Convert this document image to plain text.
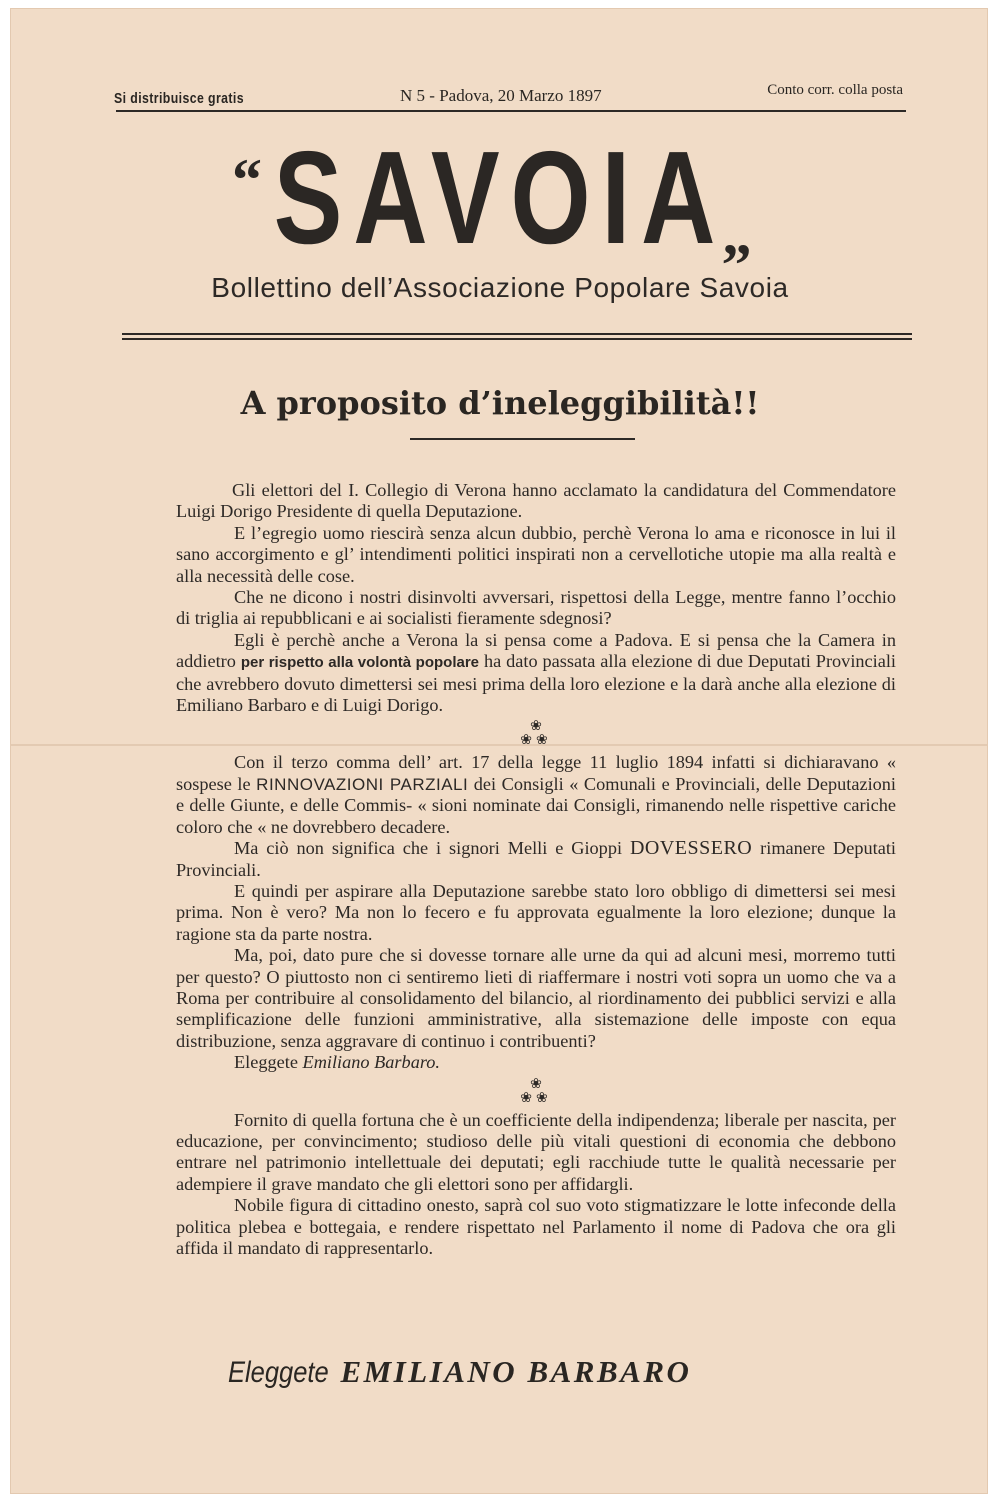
Si distribuisce gratis	N 5 - Padova, 20 Marzo 1897	Conto corr. colla posta
“ SAVOIA
„
Bollettino dell’Associazione Popolare Savoia
A proposito d’ineleggibilità!!

Gli elettori del I. Collegio di Verona hanno acclamato la candidatura del Commendatore Luigi Dorigo Presidente di quella Deputazione.

E l’egregio uomo riescirà senza alcun dubbio, perchè Verona lo ama e riconosce in lui il sano accorgimento e gl’ intendimenti politici inspirati non a cervellotiche utopie ma alla realtà e alla necessità delle cose.

Che ne dicono i nostri disinvolti avversari, rispettosi della Legge, mentre fanno l’occhio di triglia ai repubblicani e ai socialisti fieramente sdegnosi?

Egli è perchè anche a Verona la si pensa come a Padova. E si pensa che la Camera in addietro per rispetto alla volontà popolare ha dato passata alla elezione di due Deputati Provinciali che avrebbero dovuto dimettersi sei mesi prima della loro elezione e la darà anche alla elezione di Emiliano Barbaro e di Luigi Dorigo.

❀
❀❀

Con il terzo comma dell’ art. 17 della legge 11 luglio 1894 infatti si dichiaravano « sospese le RINNOVAZIONI PARZIALI dei Consigli « Comunali e Provinciali, delle Deputazioni e delle Giunte, e delle Commis- « sioni nominate dai Consigli, rimanendo nelle rispettive cariche coloro che « ne dovrebbero decadere.

Ma ciò non significa che i signori Melli e Gioppi DOVESSERO rimanere Deputati Provinciali.

E quindi per aspirare alla Deputazione sarebbe stato loro obbligo di dimettersi sei mesi prima. Non è vero? Ma non lo fecero e fu approvata egualmente la loro elezione; dunque la ragione sta da parte nostra.

Ma, poi, dato pure che si dovesse tornare alle urne da qui ad alcuni mesi, morremo tutti per questo? O piuttosto non ci sentiremo lieti di riaffermare i nostri voti sopra un uomo che va a Roma per contribuire al consolidamento del bilancio, al riordinamento dei pubblici servizi e alla semplificazione delle funzioni amministrative, alla sistemazione delle imposte con equa distribuzione, senza aggravare di continuo i contribuenti?

Eleggete Emiliano Barbaro.

❀
❀❀

Fornito di quella fortuna che è un coefficiente della indipendenza; liberale per nascita, per educazione, per convincimento; studioso delle più vitali questioni di economia che debbono entrare nel patrimonio intellettuale dei deputati; egli racchiude tutte le qualità necessarie per adempiere il grave mandato che gli elettori sono per affidargli.

Nobile figura di cittadino onesto, saprà col suo voto stigmatizzare le lotte infeconde della politica plebea e bottegaia, e rendere rispettato nel Parlamento il nome di Padova che ora gli affida il mandato di rappresentarlo.

Eleggete EMILIANO BARBARO
